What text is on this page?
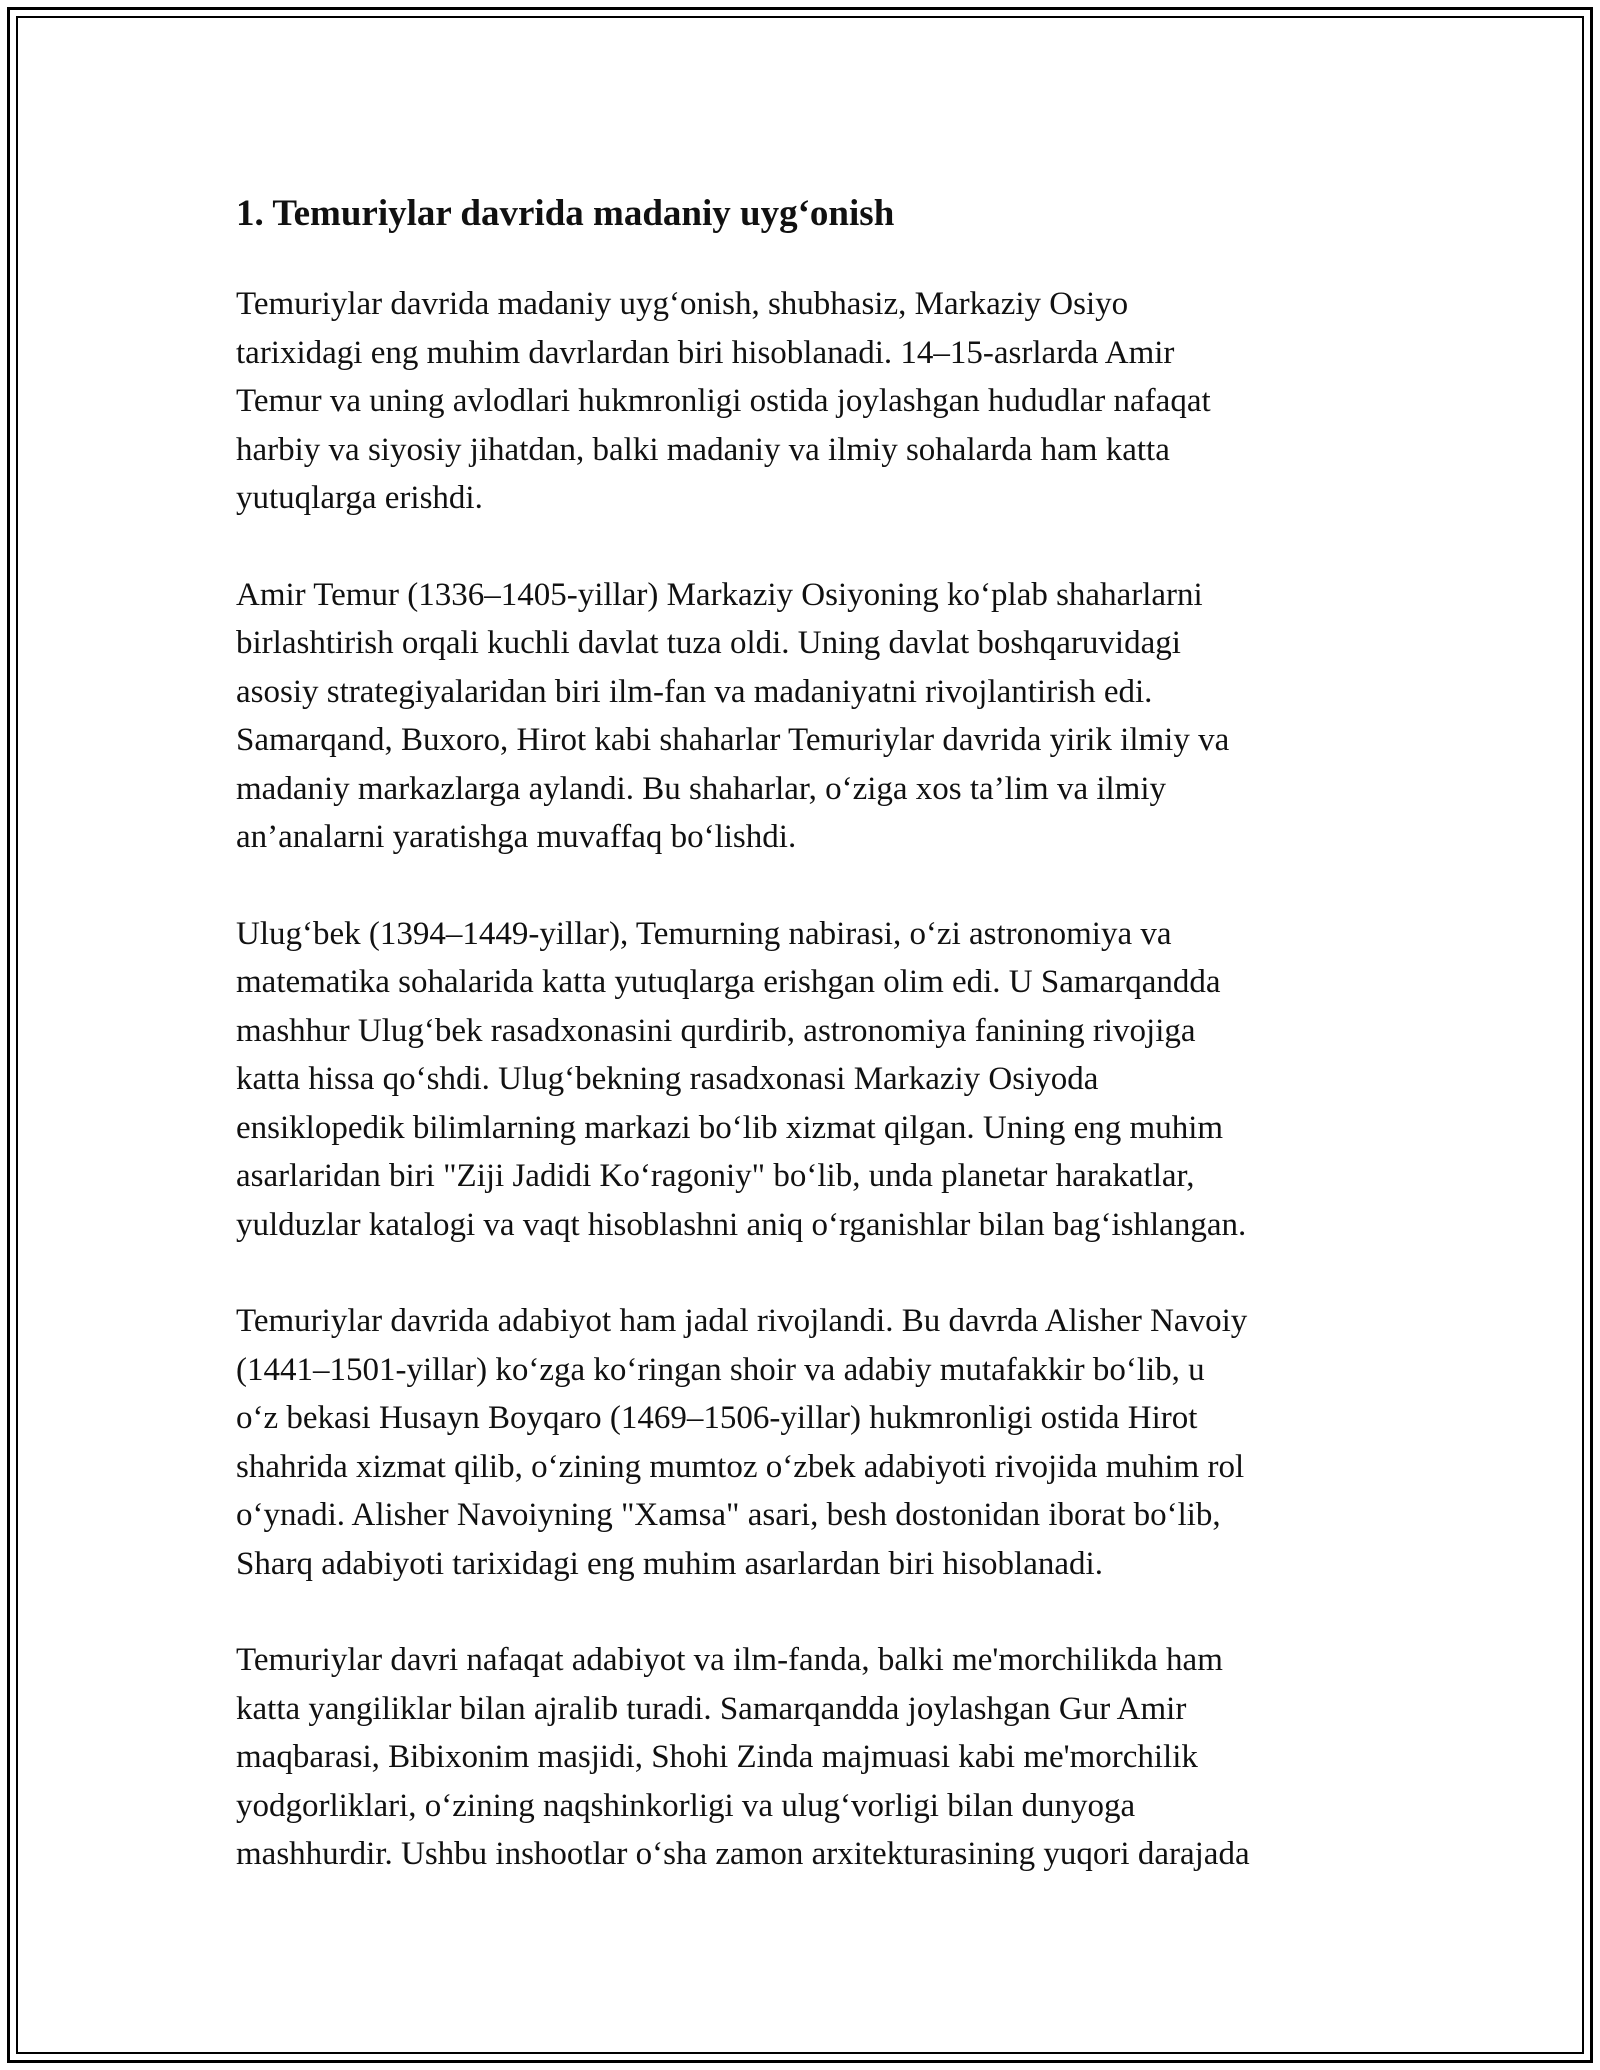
1. Temuriylar davrida madaniy uyg‘onish

Temuriylar davrida madaniy uyg‘onish, shubhasiz, Markaziy Osiyo
tarixidagi eng muhim davrlardan biri hisoblanadi. 14–15-asrlarda Amir
Temur va uning avlodlari hukmronligi ostida joylashgan hududlar nafaqat
harbiy va siyosiy jihatdan, balki madaniy va ilmiy sohalarda ham katta
yutuqlarga erishdi.

Amir Temur (1336–1405-yillar) Markaziy Osiyoning ko‘plab shaharlarni
birlashtirish orqali kuchli davlat tuza oldi. Uning davlat boshqaruvidagi
asosiy strategiyalaridan biri ilm-fan va madaniyatni rivojlantirish edi.
Samarqand, Buxoro, Hirot kabi shaharlar Temuriylar davrida yirik ilmiy va
madaniy markazlarga aylandi. Bu shaharlar, o‘ziga xos ta’lim va ilmiy
an’analarni yaratishga muvaffaq bo‘lishdi.

Ulug‘bek (1394–1449-yillar), Temurning nabirasi, o‘zi astronomiya va
matematika sohalarida katta yutuqlarga erishgan olim edi. U Samarqandda
mashhur Ulug‘bek rasadxonasini qurdirib, astronomiya fanining rivojiga
katta hissa qo‘shdi. Ulug‘bekning rasadxonasi Markaziy Osiyoda
ensiklopedik bilimlarning markazi bo‘lib xizmat qilgan. Uning eng muhim
asarlaridan biri "Ziji Jadidi Ko‘ragoniy" bo‘lib, unda planetar harakatlar,
yulduzlar katalogi va vaqt hisoblashni aniq o‘rganishlar bilan bag‘ishlangan.

Temuriylar davrida adabiyot ham jadal rivojlandi. Bu davrda Alisher Navoiy
(1441–1501-yillar) ko‘zga ko‘ringan shoir va adabiy mutafakkir bo‘lib, u
o‘z bekasi Husayn Boyqaro (1469–1506-yillar) hukmronligi ostida Hirot
shahrida xizmat qilib, o‘zining mumtoz o‘zbek adabiyoti rivojida muhim rol
o‘ynadi. Alisher Navoiyning "Xamsa" asari, besh dostonidan iborat bo‘lib,
Sharq adabiyoti tarixidagi eng muhim asarlardan biri hisoblanadi.

Temuriylar davri nafaqat adabiyot va ilm-fanda, balki me'morchilikda ham
katta yangiliklar bilan ajralib turadi. Samarqandda joylashgan Gur Amir
maqbarasi, Bibixonim masjidi, Shohi Zinda majmuasi kabi me'morchilik
yodgorliklari, o‘zining naqshinkorligi va ulug‘vorligi bilan dunyoga
mashhurdir. Ushbu inshootlar o‘sha zamon arxitekturasining yuqori darajada
